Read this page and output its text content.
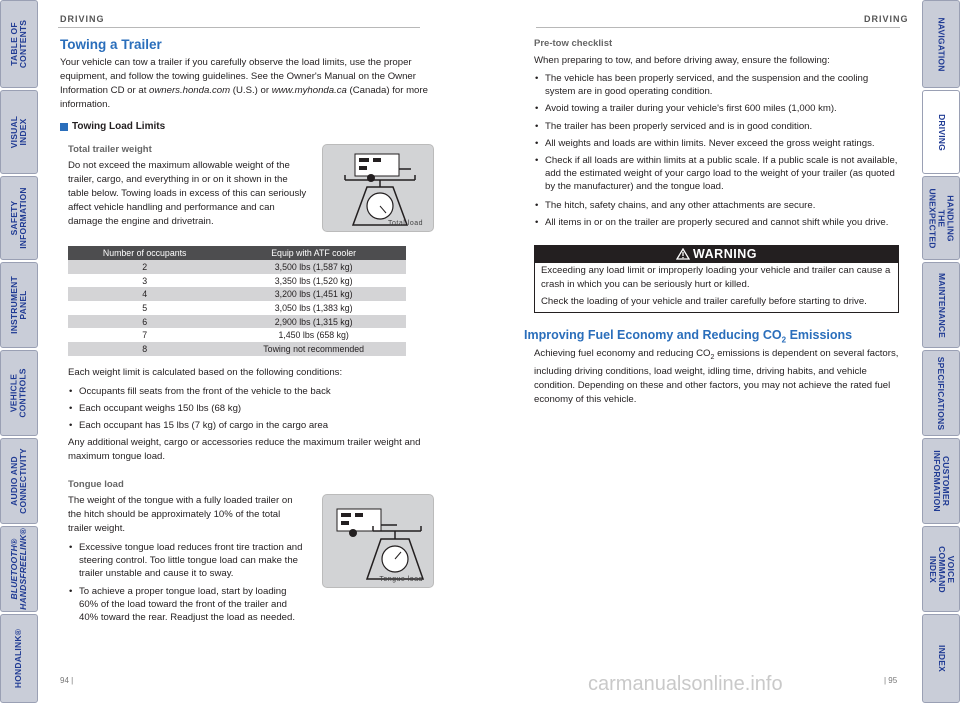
TABLE OF CONTENTS
VISUAL INDEX
SAFETY
INFORMATION
INSTRUMENT PANEL
VEHICLE
CONTROLS
AUDIO AND
CONNECTIVITY
BLUETOOTH®
HANDSFREELINK®
HONDALINK®
NAVIGATION
DRIVING
HANDLING THE
UNEXPECTED
MAINTENANCE
SPECIFICATIONS
CUSTOMER
INFORMATION
VOICE COMMAND
INDEX
INDEX
DRIVING
Towing a Trailer
Your vehicle can tow a trailer if you carefully observe the load limits, use the proper equipment, and follow the towing guidelines. See the Owner's Manual on the Owner Information CD or at owners.honda.com (U.S.) or www.myhonda.ca (Canada) for more information.
Towing Load Limits
Total trailer weight
Do not exceed the maximum allowable weight of the trailer, cargo, and everything in or on it shown in the table below. Towing loads in excess of this can seriously affect vehicle handling and performance and can damage the engine and drivetrain.	Total load
Number of occupants	Equip with ATF cooler
2	3,500 lbs (1,587 kg)
3	3,350 lbs (1,520 kg)
4	3,200 lbs (1,451 kg)
5	3,050 lbs (1,383 kg)
6	2,900 lbs (1,315 kg)
7	1,450 lbs (658 kg)
8	Towing not recommended
Each weight limit is calculated based on the following conditions:
• Occupants fill seats from the front of the vehicle to the back
• Each occupant weighs 150 lbs (68 kg)
• Each occupant has 15 lbs (7 kg) of cargo in the cargo area
Any additional weight, cargo or accessories reduce the maximum trailer weight and maximum tongue load.
Tongue load
The weight of the tongue with a fully loaded trailer on the hitch should be approximately 10% of the total trailer weight.
• Excessive tongue load reduces front tire traction and steering control. Too little tongue load can make the trailer unstable and cause it to sway.
• To achieve a proper tongue load, start by loading 60% of the load toward the front of the trailer and 40% toward the rear. Readjust the load as needed.
Tongue load
94 |
DRIVING
Pre-tow checklist
When preparing to tow, and before driving away, ensure the following:
• The vehicle has been properly serviced, and the suspension and the cooling system are in good operating condition.
• Avoid towing a trailer during your vehicle's first 600 miles (1,000 km).
• The trailer has been properly serviced and is in good condition.
• All weights and loads are within limits. Never exceed the gross weight ratings.
• Check if all loads are within limits at a public scale. If a public scale is not available, add the estimated weight of your cargo load to the weight of your trailer (as quoted by the manufacturer) and the tongue load.
• The hitch, safety chains, and any other attachments are secure.
• All items in or on the trailer are properly secured and cannot shift while you drive.
WARNING
Exceeding any load limit or improperly loading your vehicle and trailer can cause a crash in which you can be seriously hurt or killed.
Check the loading of your vehicle and trailer carefully before starting to drive.
Improving Fuel Economy and Reducing $CO_2$ Emissions
Achieving fuel economy and reducing $CO_2$ emissions is dependent on several factors, including driving conditions, load weight, idling time, driving habits, and vehicle condition. Depending on these and other factors, you may not achieve the rated fuel economy of this vehicle.
| 95
carmanualsonline.info
